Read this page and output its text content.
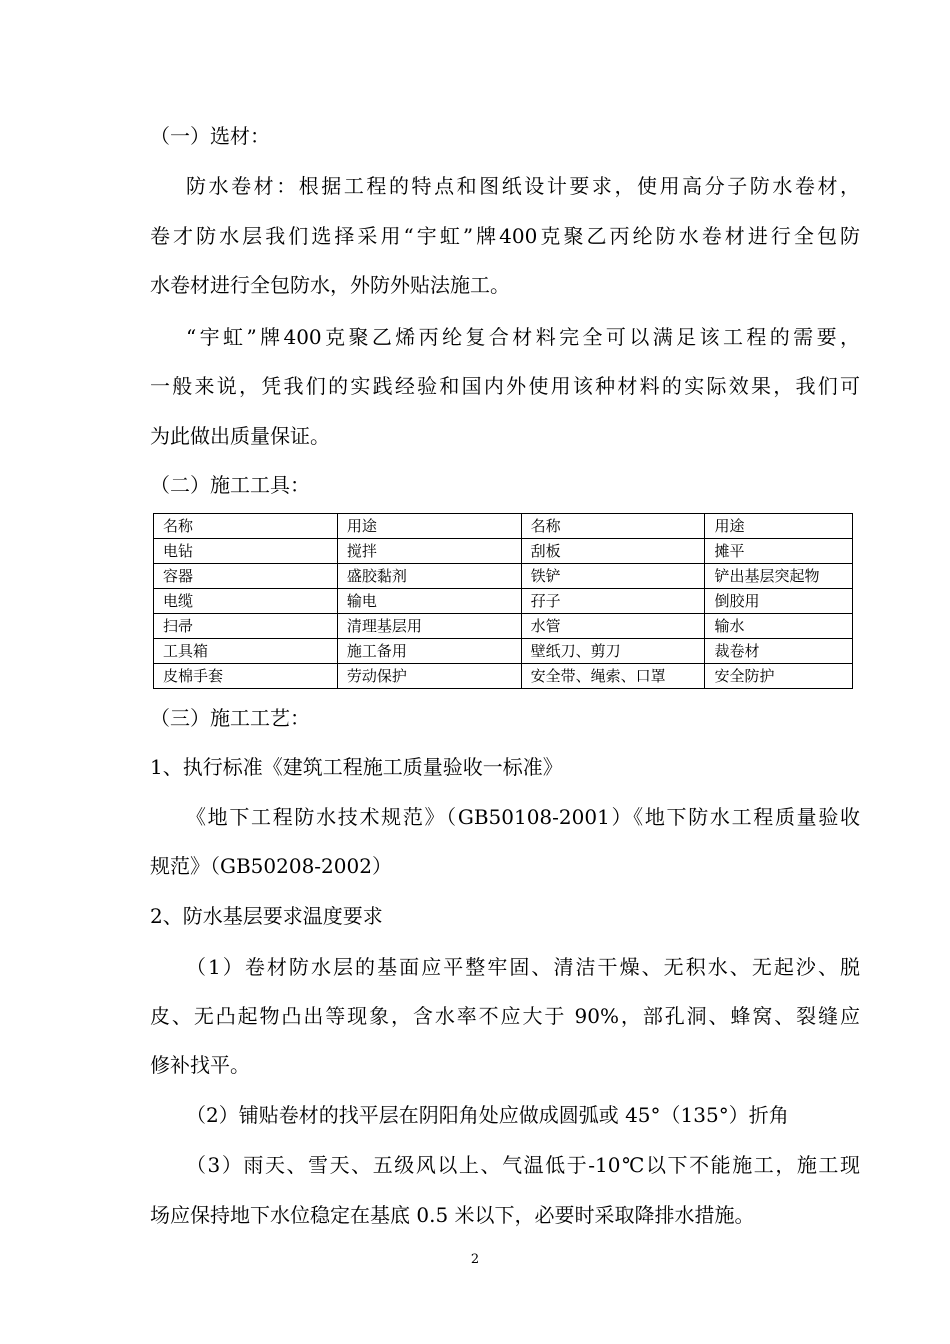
（一）选材：
防水卷材：根据工程的特点和图纸设计要求，使用高分子防水卷材，
卷才防水层我们选择采用“宇虹”牌400克聚乙丙纶防水卷材进行全包防
水卷材进行全包防水，外防外贴法施工。
“宇虹”牌400克聚乙烯丙纶复合材料完全可以满足该工程的需要，
一般来说，凭我们的实践经验和国内外使用该种材料的实际效果，我们可
为此做出质量保证。
（二）施工工具：
名称	用途	名称	用途
电钻	搅拌	刮板	摊平
容器	盛胶黏剂	铁铲	铲出基层突起物
电缆	输电	孖子	倒胶用
扫帚	清理基层用	水管	输水
工具箱	施工备用	壁纸刀、剪刀	裁卷材
皮棉手套	劳动保护	安全带、绳索、口罩	安全防护
（三）施工工艺：
1、执行标准《建筑工程施工质量验收一标准》
《地下工程防水技术规范》（GB50108-2001）《地下防水工程质量验收
规范》（GB50208-2002）
2、防水基层要求温度要求
（1）卷材防水层的基面应平整牢固、清洁干燥、无积水、无起沙、脱
皮、无凸起物凸出等现象，含水率不应大于 90%，部孔洞、蜂窝、裂缝应
修补找平。
（2）铺贴卷材的找平层在阴阳角处应做成圆弧或 45°（135°）折角
（3）雨天、雪天、五级风以上、气温低于-10℃以下不能施工，施工现
场应保持地下水位稳定在基底 0.5 米以下，必要时采取降排水措施。
2
